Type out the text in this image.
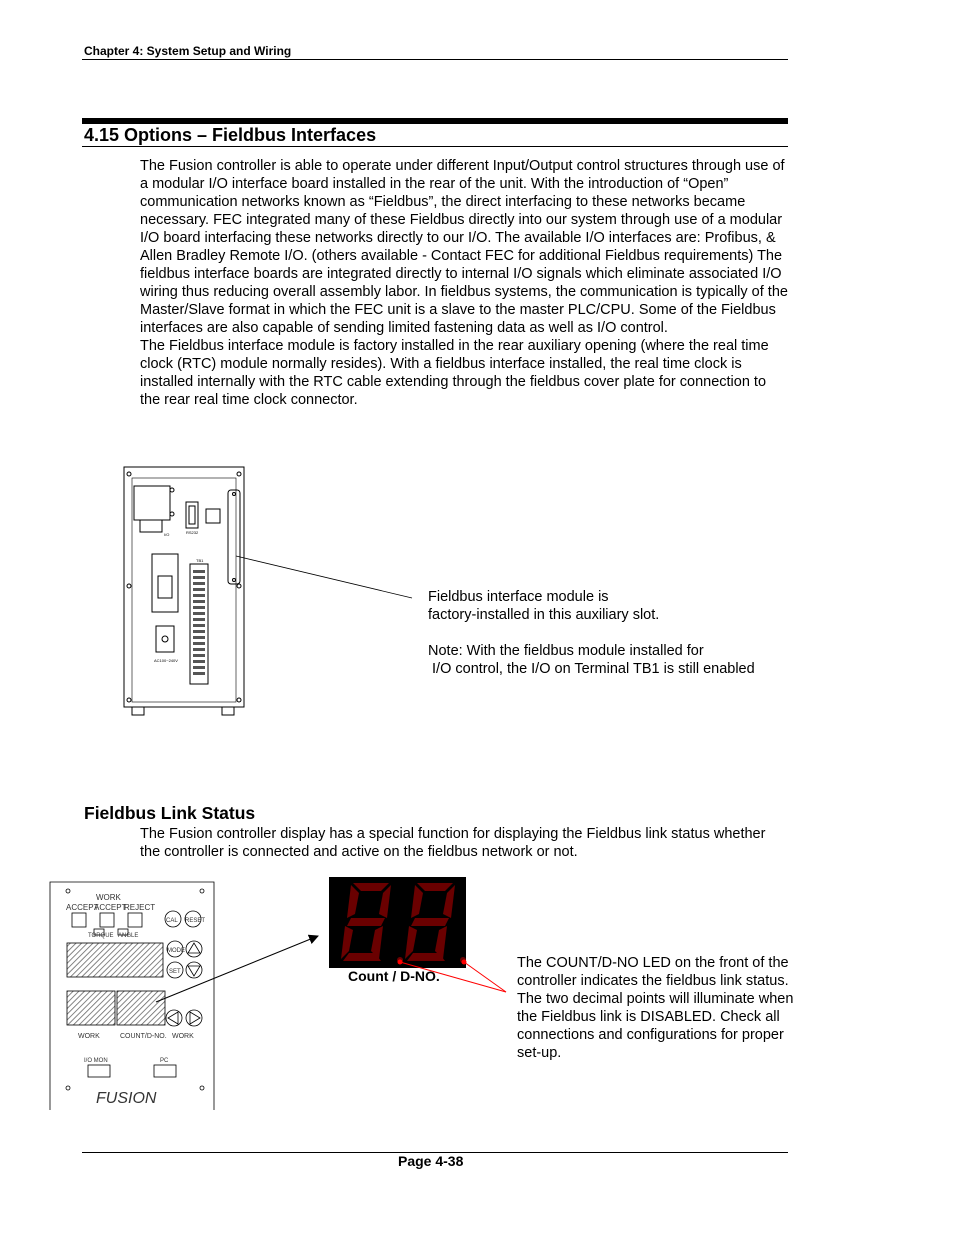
Chapter 4: System Setup and Wiring
4.15 Options – Fieldbus Interfaces

The Fusion controller is able to operate under different Input/Output control structures through use of a modular I/O interface board installed in the rear of the unit. With the introduction of “Open” communication networks known as “Fieldbus”, the direct interfacing to these networks became necessary. FEC integrated many of these Fieldbus directly into our system through use of a modular I/O board interfacing these networks directly to our I/O. The available I/O interfaces are: Profibus, & Allen Bradley Remote I/O. (others available - Contact FEC for additional Fieldbus requirements) The fieldbus interface boards are integrated directly to internal I/O signals which eliminate associated I/O wiring thus reducing overall assembly labor. In fieldbus systems, the communication is typically of the Master/Slave format in which the FEC unit is a slave to the master PLC/CPU. Some of the Fieldbus interfaces are also capable of sending limited fastening data as well as I/O control.

The Fieldbus interface module is factory installed in the rear auxiliary opening (where the real time clock (RTC) module normally resides). With a fieldbus interface installed, the real time clock is installed internally with the RTC cable extending through the fieldbus cover plate for connection to the rear real time clock connector.

I/O	RS232
TB1
AC100~240V

Fieldbus interface module is

factory-installed in this auxiliary slot.

Note: With the fieldbus module installed for

I/O control, the I/O on Terminal TB1 is still enabled

Fieldbus Link Status

The Fusion controller display has a special function for displaying the Fieldbus link status whether the controller is connected and active on the fieldbus network or not.

WORK
ACCEPT
ACCEPT
REJECT
TORQUE ANGLE
CAL RESET
MODE
SET
WORK	COUNT/D-NO. WORK
I/O MON	PC
FUSION
Count / D-NO.
The COUNT/D-NO LED on the front of the controller indicates the fieldbus link status. The two decimal points will illuminate when the Fieldbus link is DISABLED. Check all connections and configurations for proper set-up.
Page 4-38
